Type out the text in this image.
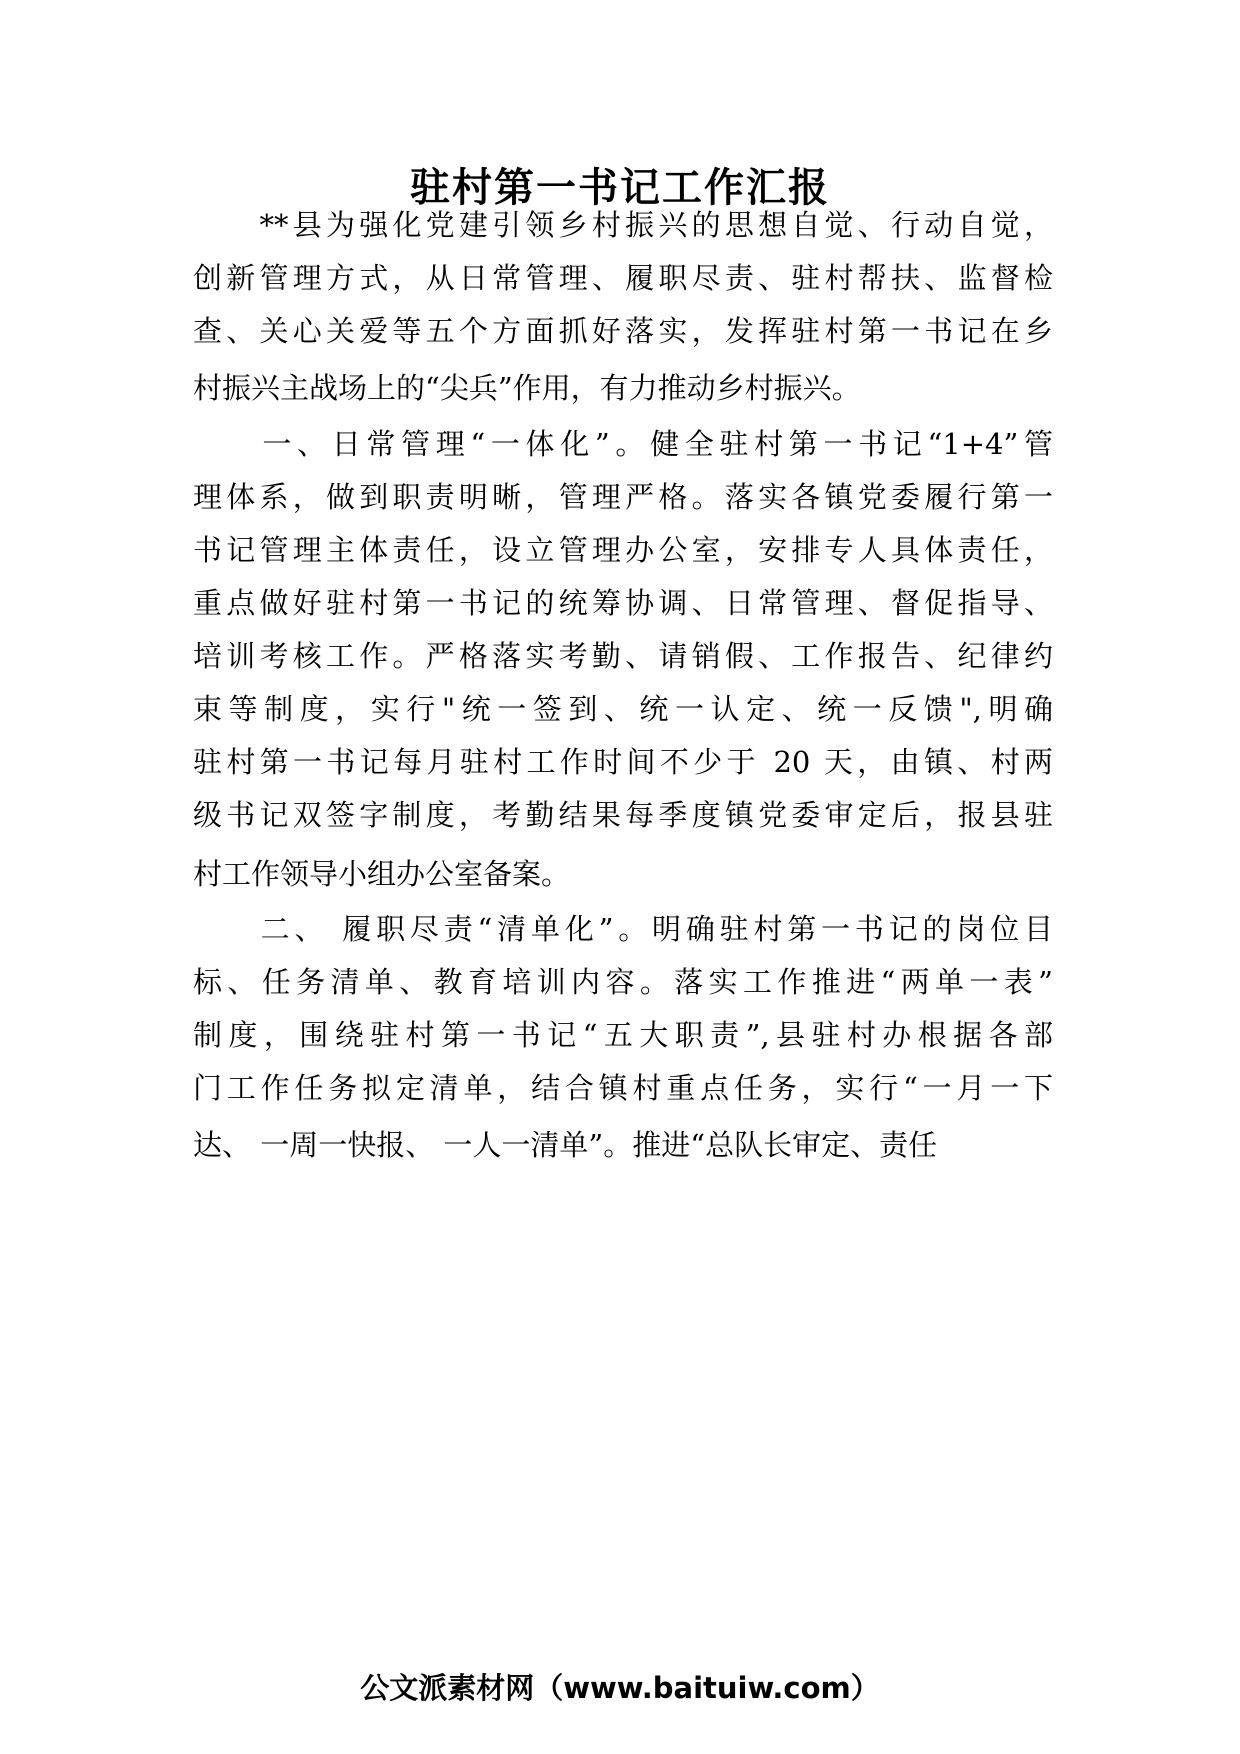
驻村第一书记工作汇报
　　**县为强化党建引领乡村振兴的思想自觉、行动自觉，
创新管理方式，从日常管理、履职尽责、驻村帮扶、监督检
查、关心关爱等五个方面抓好落实，发挥驻村第一书记在乡
村振兴主战场上的“尖兵”作用，有力推动乡村振兴。
　　一、日常管理“一体化”。健全驻村第一书记“1+4”管
理体系，做到职责明晰，管理严格。落实各镇党委履行第一
书记管理主体责任，设立管理办公室，安排专人具体责任，
重点做好驻村第一书记的统筹协调、日常管理、督促指导、
培训考核工作。严格落实考勤、请销假、工作报告、纪律约
束等制度，实行"统一签到、统一认定、统一反馈",明确
驻村第一书记每月驻村工作时间不少于 20 天，由镇、村两
级书记双签字制度，考勤结果每季度镇党委审定后，报县驻
村工作领导小组办公室备案。
　　二、 履职尽责“清单化”。明确驻村第一书记的岗位目
标、任务清单、教育培训内容。落实工作推进“两单一表”
制度，围绕驻村第一书记“五大职责”,县驻村办根据各部
门工作任务拟定清单，结合镇村重点任务，实行“一月一下
达、 一周一快报、 一人一清单”。推进“总队长审定、责任
公文派素材网（www.baituiw.com）
